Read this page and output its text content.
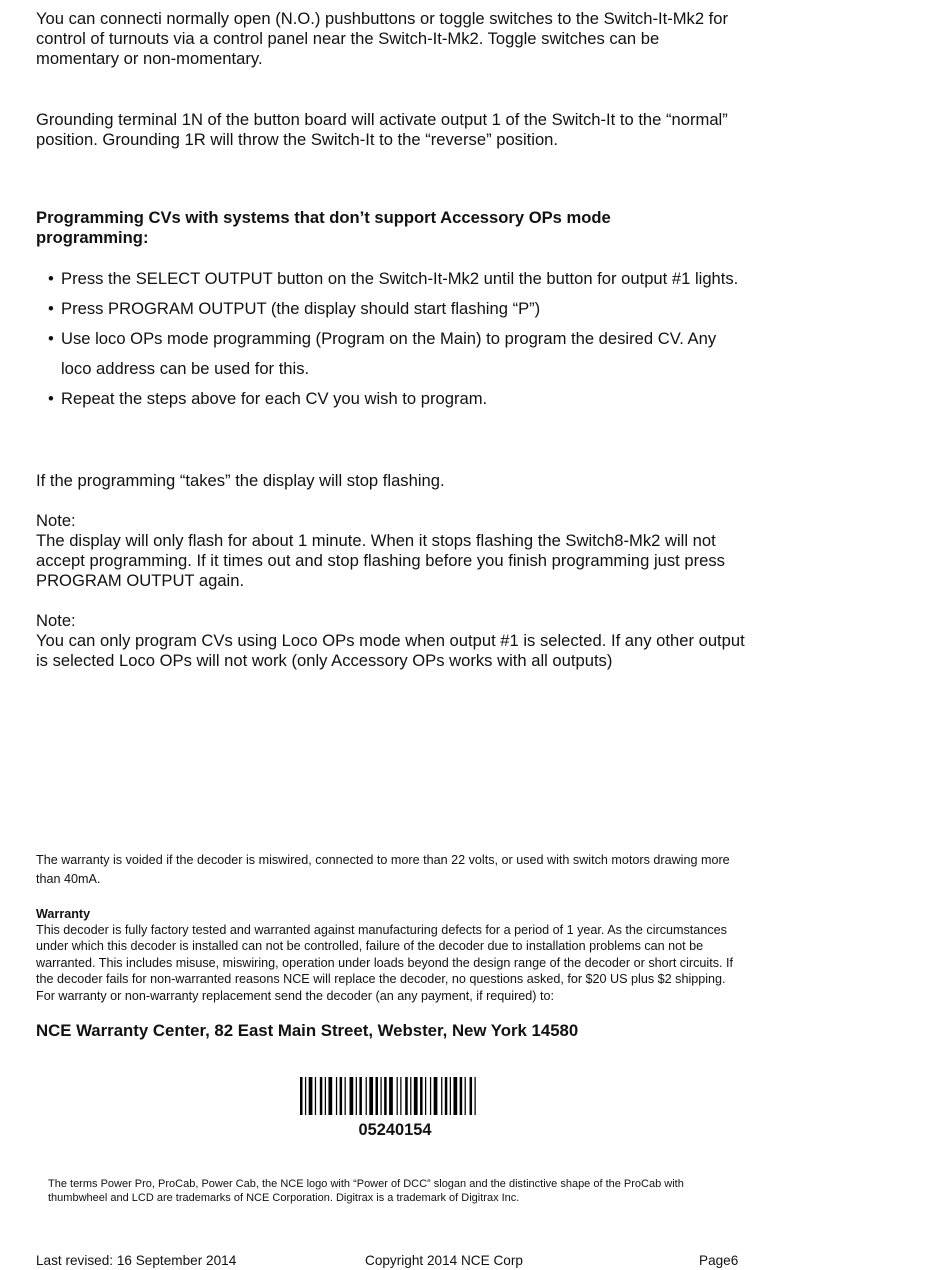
You can connecti normally open (N.O.) pushbuttons or toggle switches to the Switch-It-Mk2 for control of turnouts via a control panel near the Switch-It-Mk2. Toggle switches can be momentary or non-momentary.
Grounding terminal 1N of the button board will activate output 1 of the Switch-It to the “normal” position. Grounding 1R will throw the Switch-It to the “reverse” position.
Programming CVs with systems that don’t support Accessory OPs mode programming:
• Press the SELECT OUTPUT button on the Switch-It-Mk2 until the button for output #1 lights.
• Press PROGRAM OUTPUT (the display should start flashing “P”)
• Use loco OPs mode programming (Program on the Main) to program the desired CV. Any loco address can be used for this.
• Repeat the steps above for each CV you wish to program.
If the programming “takes” the display will stop flashing.
Note:
The display will only flash for about 1 minute. When it stops flashing the Switch8-Mk2 will not accept programming. If it times out and stop flashing before you finish programming just press PROGRAM OUTPUT again.
Note:
You can only program CVs using Loco OPs mode when output #1 is selected. If any other output is selected Loco OPs will not work (only Accessory OPs works with all outputs)
The warranty is voided if the decoder is miswired, connected to more than 22 volts, or used with switch motors drawing more than 40mA.
Warranty
This decoder is fully factory tested and warranted against manufacturing defects for a period of 1 year. As the circumstances under which this decoder is installed can not be controlled, failure of the decoder due to installation problems can not be warranted. This includes misuse, miswiring, operation under loads beyond the design range of the decoder or short circuits. If the decoder fails for non-warranted reasons NCE will replace the decoder, no questions asked, for $20 US plus $2 shipping. For warranty or non-warranty replacement send the decoder (an any payment, if required) to:
NCE Warranty Center, 82 East Main Street, Webster, New York 14580
05240154
The terms Power Pro, ProCab, Power Cab, the NCE logo with “Power of DCC” slogan and the distinctive shape of the ProCab with thumbwheel and LCD are trademarks of NCE Corporation. Digitrax is a trademark of Digitrax Inc.
Last revised: 16 September 2014	Copyright 2014 NCE Corp	Page6
